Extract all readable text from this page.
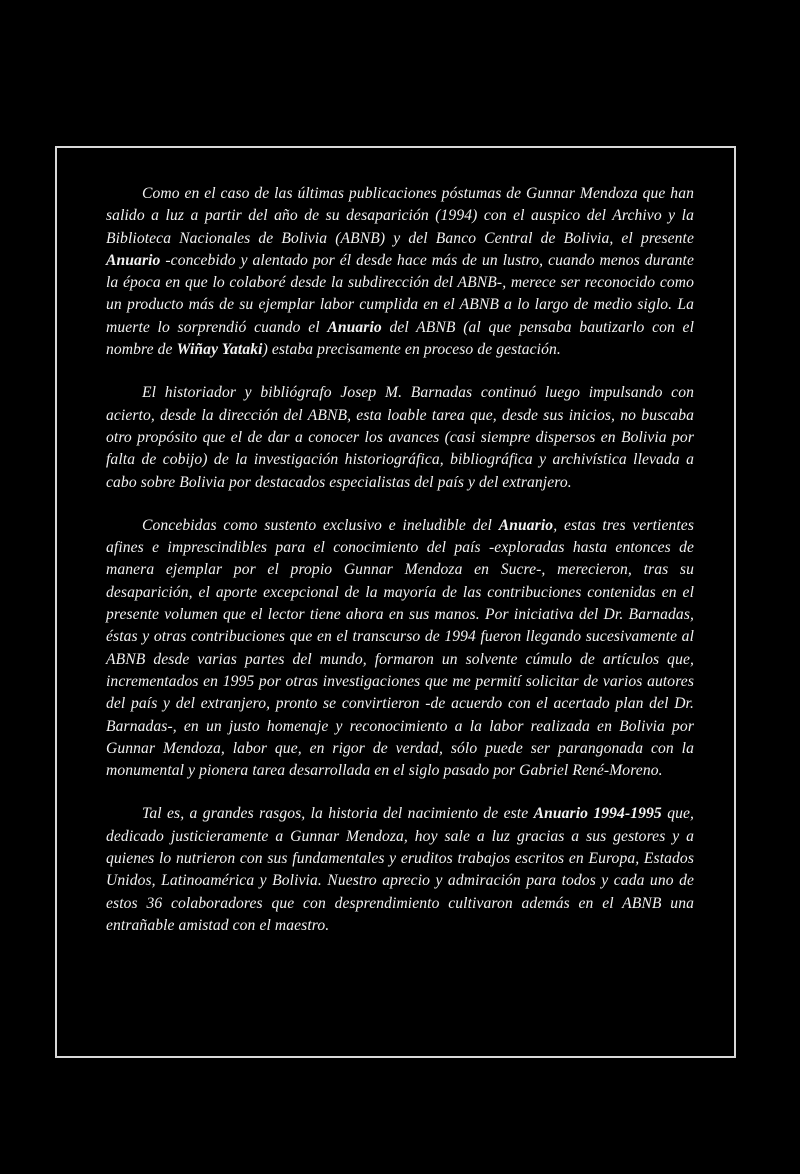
Como en el caso de las últimas publicaciones póstumas de Gunnar Mendoza que han salido a luz a partir del año de su desaparición (1994) con el auspico del Archivo y la Biblioteca Nacionales de Bolivia (ABNB) y del Banco Central de Bolivia, el presente Anuario -concebido y alentado por él desde hace más de un lustro, cuando menos durante la época en que lo colaboré desde la subdirección del ABNB-, merece ser reconocido como un producto más de su ejemplar labor cumplida en el ABNB a lo largo de medio siglo. La muerte lo sorprendió cuando el Anuario del ABNB (al que pensaba bautizarlo con el nombre de Wiñay Yataki) estaba precisamente en proceso de gestación.

El historiador y bibliógrafo Josep M. Barnadas continuó luego impulsando con acierto, desde la dirección del ABNB, esta loable tarea que, desde sus inicios, no buscaba otro propósito que el de dar a conocer los avances (casi siempre dispersos en Bolivia por falta de cobijo) de la investigación historiográfica, bibliográfica y archivística llevada a cabo sobre Bolivia por destacados especialistas del país y del extranjero.

Concebidas como sustento exclusivo e ineludible del Anuario, estas tres vertientes afines e imprescindibles para el conocimiento del país -exploradas hasta entonces de manera ejemplar por el propio Gunnar Mendoza en Sucre-, merecieron, tras su desaparición, el aporte excepcional de la mayoría de las contribuciones contenidas en el presente volumen que el lector tiene ahora en sus manos. Por iniciativa del Dr. Barnadas, éstas y otras contribuciones que en el transcurso de 1994 fueron llegando sucesivamente al ABNB desde varias partes del mundo, formaron un solvente cúmulo de artículos que, incrementados en 1995 por otras investigaciones que me permití solicitar de varios autores del país y del extranjero, pronto se convirtieron -de acuerdo con el acertado plan del Dr. Barnadas-, en un justo homenaje y reconocimiento a la labor realizada en Bolivia por Gunnar Mendoza, labor que, en rigor de verdad, sólo puede ser parangonada con la monumental y pionera tarea desarrollada en el siglo pasado por Gabriel René-Moreno.

Tal es, a grandes rasgos, la historia del nacimiento de este Anuario 1994-1995 que, dedicado justicieramente a Gunnar Mendoza, hoy sale a luz gracias a sus gestores y a quienes lo nutrieron con sus fundamentales y eruditos trabajos escritos en Europa, Estados Unidos, Latinoamérica y Bolivia. Nuestro aprecio y admiración para todos y cada uno de estos 36 colaboradores que con desprendimiento cultivaron además en el ABNB una entrañable amistad con el maestro.
